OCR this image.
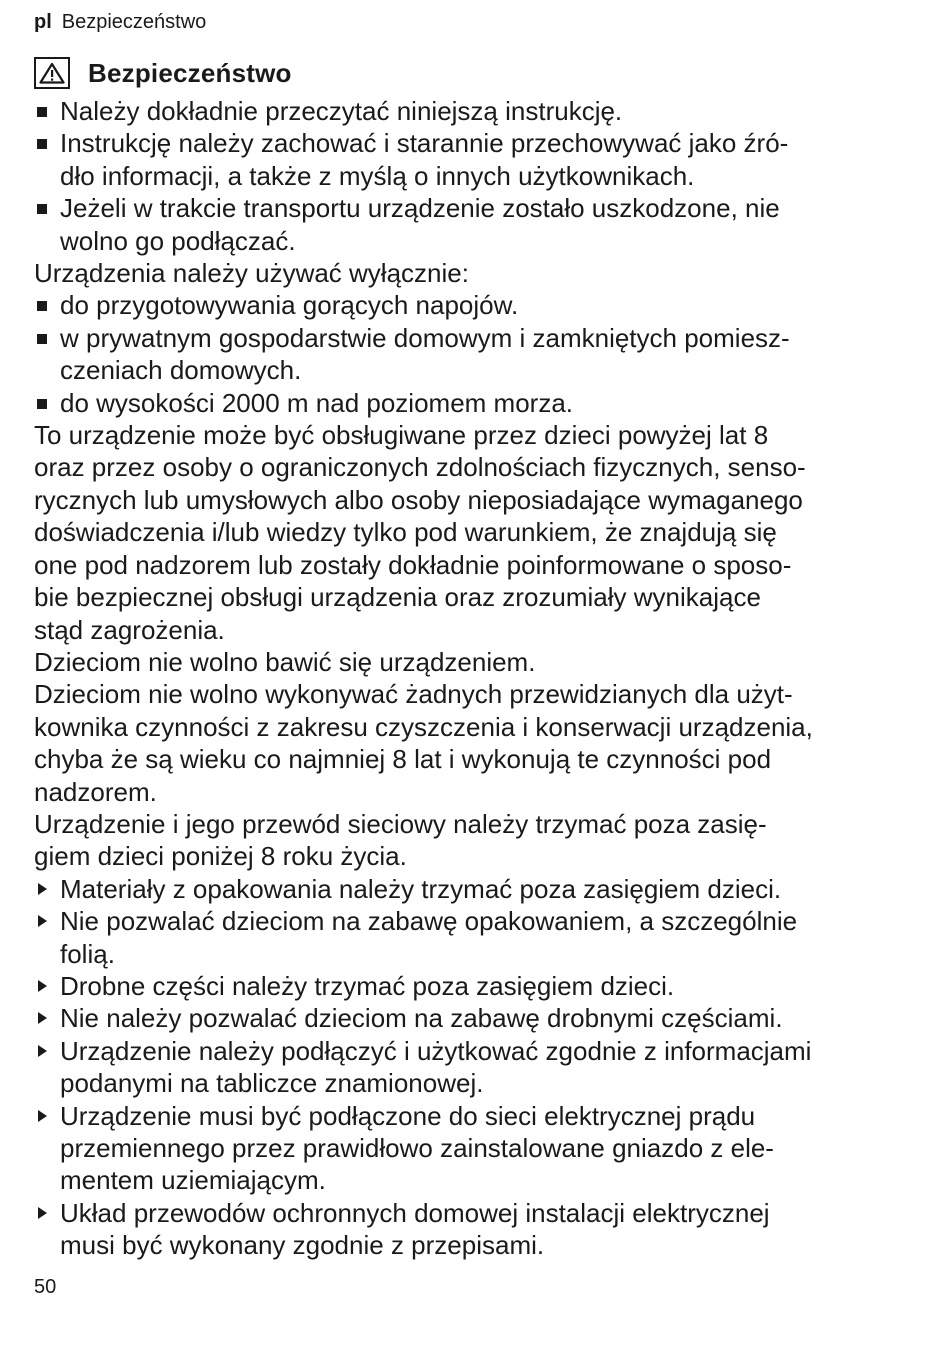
pl Bezpieczeństwo
Bezpieczeństwo
Należy dokładnie przeczytać niniejszą instrukcję.
Instrukcję należy zachować i starannie przechowywać jako źró-
dło informacji, a także z myślą o innych użytkownikach.
Jeżeli w trakcie transportu urządzenie zostało uszkodzone, nie
wolno go podłączać.
Urządzenia należy używać wyłącznie:
do przygotowywania gorących napojów.
w prywatnym gospodarstwie domowym i zamkniętych pomiesz-
czeniach domowych.
do wysokości 2000 m nad poziomem morza.
To urządzenie może być obsługiwane przez dzieci powyżej lat 8
oraz przez osoby o ograniczonych zdolnościach fizycznych, senso-
rycznych lub umysłowych albo osoby nieposiadające wymaganego
doświadczenia i/lub wiedzy tylko pod warunkiem, że znajdują się
one pod nadzorem lub zostały dokładnie poinformowane o sposo-
bie bezpiecznej obsługi urządzenia oraz zrozumiały wynikające
stąd zagrożenia.
Dzieciom nie wolno bawić się urządzeniem.
Dzieciom nie wolno wykonywać żadnych przewidzianych dla użyt-
kownika czynności z zakresu czyszczenia i konserwacji urządzenia,
chyba że są wieku co najmniej 8 lat i wykonują te czynności pod
nadzorem.
Urządzenie i jego przewód sieciowy należy trzymać poza zasię-
giem dzieci poniżej 8 roku życia.
Materiały z opakowania należy trzymać poza zasięgiem dzieci.
Nie pozwalać dzieciom na zabawę opakowaniem, a szczególnie
folią.
Drobne części należy trzymać poza zasięgiem dzieci.
Nie należy pozwalać dzieciom na zabawę drobnymi częściami.
Urządzenie należy podłączyć i użytkować zgodnie z informacjami
podanymi na tabliczce znamionowej.
Urządzenie musi być podłączone do sieci elektrycznej prądu
przemiennego przez prawidłowo zainstalowane gniazdo z ele-
mentem uziemiającym.
Układ przewodów ochronnych domowej instalacji elektrycznej
musi być wykonany zgodnie z przepisami.
50
